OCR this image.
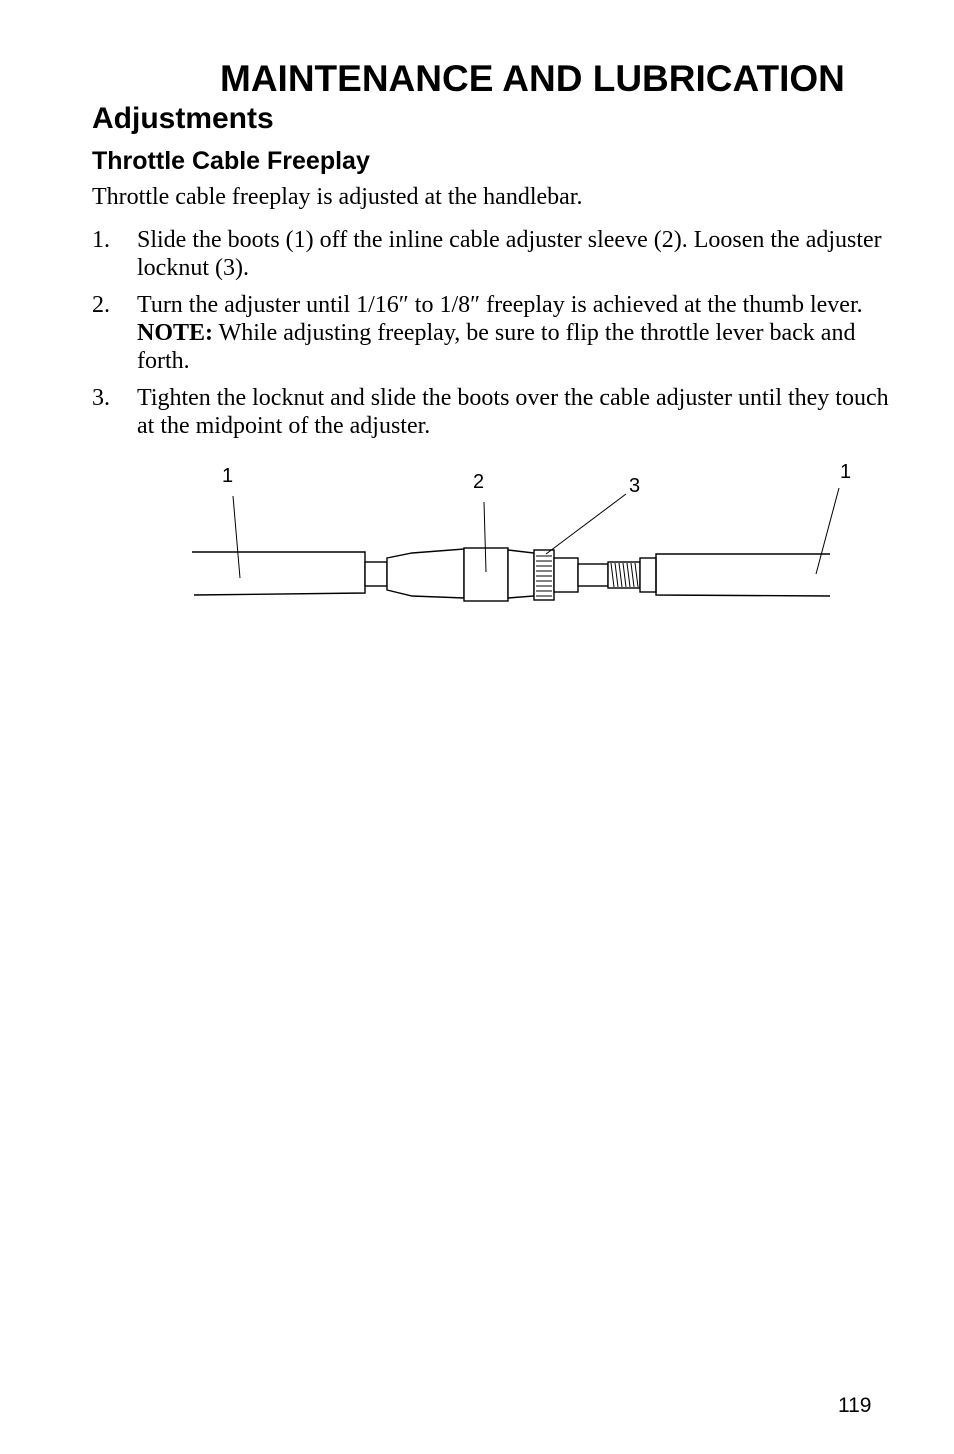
MAINTENANCE AND LUBRICATION
Adjustments
Throttle Cable Freeplay

Throttle cable freeplay is adjusted at the handlebar.

1. Slide the boots (1) off the inline cable adjuster sleeve (2). Loosen the adjuster locknut (3).
2. Turn the adjuster until 1/16″ to 1/8″ freeplay is achieved at the thumb lever. NOTE: While adjusting freeplay, be sure to flip the throttle lever back and forth.
3. Tighten the locknut and slide the boots over the cable adjuster until they touch at the midpoint of the adjuster.
1	2	3
1

119
